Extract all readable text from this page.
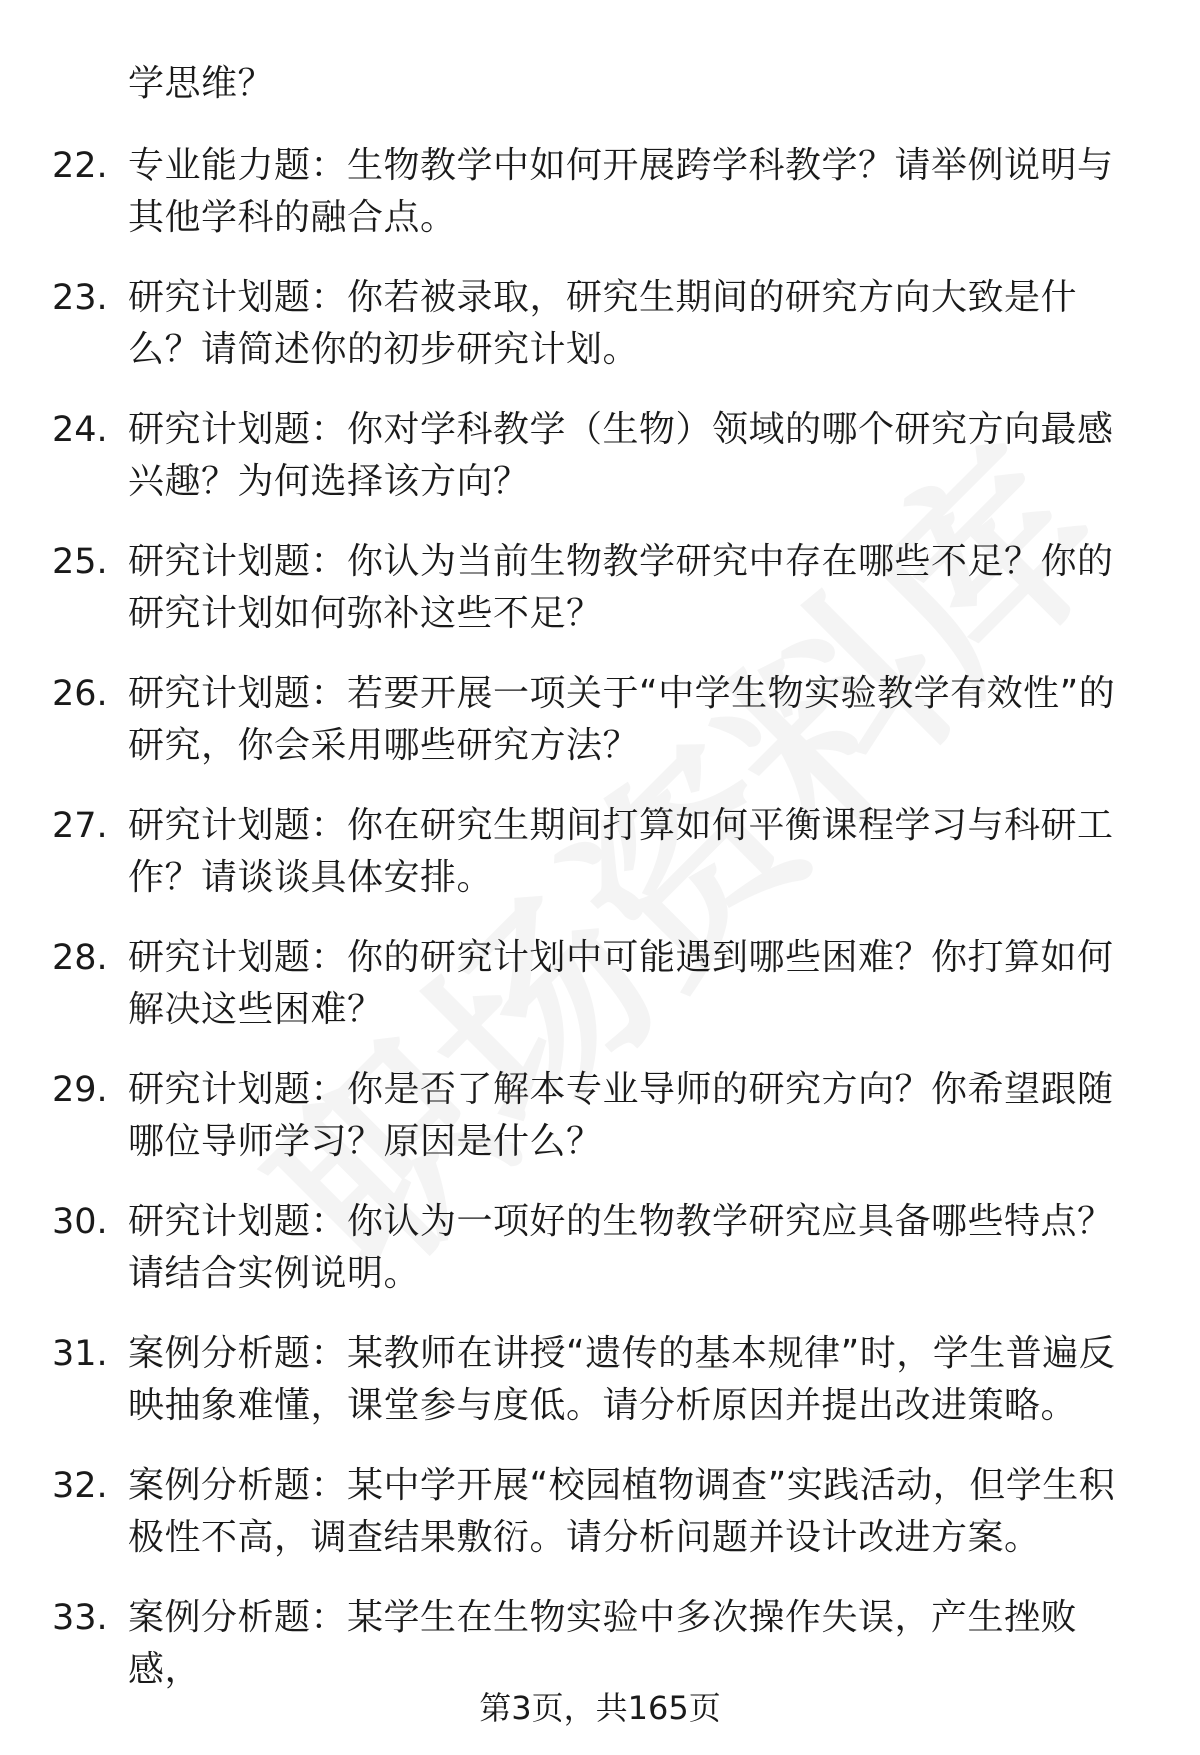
学思维？
22. 专业能力题：生物教学中如何开展跨学科教学？请举例说明与其他学科的融合点。
23. 研究计划题：你若被录取，研究生期间的研究方向大致是什么？请简述你的初步研究计划。
24. 研究计划题：你对学科教学（生物）领域的哪个研究方向最感兴趣？为何选择该方向？
25. 研究计划题：你认为当前生物教学研究中存在哪些不足？你的研究计划如何弥补这些不足？
26. 研究计划题：若要开展一项关于“中学生物实验教学有效性”的研究，你会采用哪些研究方法？
27. 研究计划题：你在研究生期间打算如何平衡课程学习与科研工作？请谈谈具体安排。
28. 研究计划题：你的研究计划中可能遇到哪些困难？你打算如何解决这些困难？
29. 研究计划题：你是否了解本专业导师的研究方向？你希望跟随哪位导师学习？原因是什么？
30. 研究计划题：你认为一项好的生物教学研究应具备哪些特点？请结合实例说明。
31. 案例分析题：某教师在讲授“遗传的基本规律”时，学生普遍反映抽象难懂，课堂参与度低。请分析原因并提出改进策略。
32. 案例分析题：某中学开展“校园植物调查”实践活动，但学生积极性不高，调查结果敷衍。请分析问题并设计改进方案。
33. 案例分析题：某学生在生物实验中多次操作失误，产生挫败感，
第3页，共165页
